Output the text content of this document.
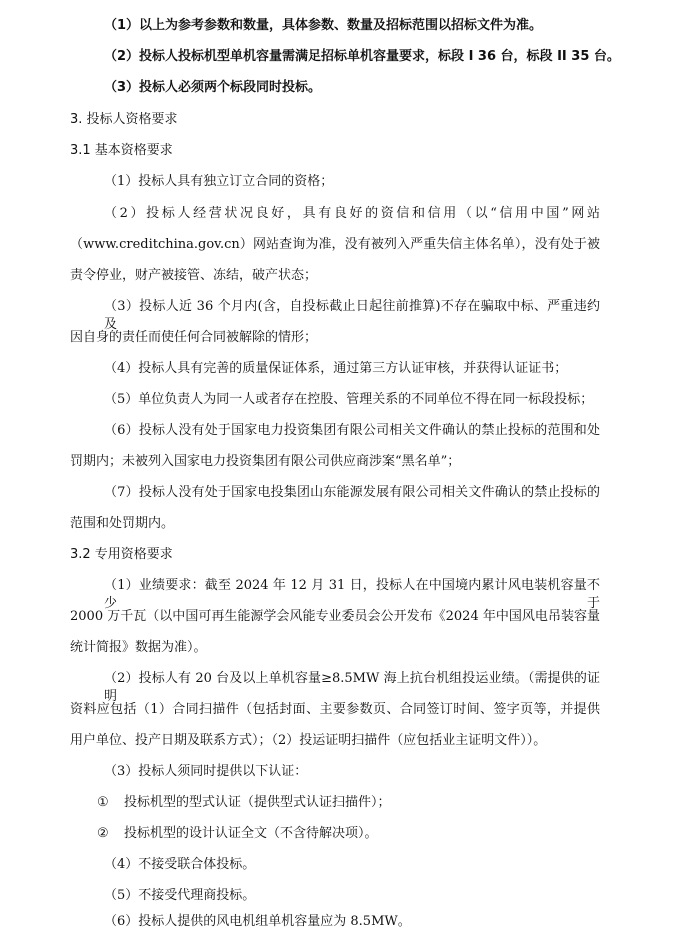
（1）以上为参考参数和数量，具体参数、数量及招标范围以招标文件为准。
（2）投标人投标机型单机容量需满足招标单机容量要求，标段 I 36 台，标段 II 35 台。
（3）投标人必须两个标段同时投标。
3. 投标人资格要求
3.1 基本资格要求
（1）投标人具有独立订立合同的资格；
（2）投标人经营状况良好，具有良好的资信和信用（以“信用中国”网站
（www.creditchina.gov.cn）网站查询为准，没有被列入严重失信主体名单），没有处于被
责令停业，财产被接管、冻结，破产状态；
（3）投标人近 36 个月内(含，自投标截止日起往前推算)不存在骗取中标、严重违约及
因自身的责任而使任何合同被解除的情形；
（4）投标人具有完善的质量保证体系，通过第三方认证审核，并获得认证证书；
（5）单位负责人为同一人或者存在控股、管理关系的不同单位不得在同一标段投标；
（6）投标人没有处于国家电力投资集团有限公司相关文件确认的禁止投标的范围和处
罚期内；未被列入国家电力投资集团有限公司供应商涉案“黑名单”；
（7）投标人没有处于国家电投集团山东能源发展有限公司相关文件确认的禁止投标的
范围和处罚期内。
3.2 专用资格要求
（1）业绩要求：截至 2024 年 12 月 31 日，投标人在中国境内累计风电装机容量不少于
2000 万千瓦（以中国可再生能源学会风能专业委员会公开发布《2024 年中国风电吊装容量
统计简报》数据为准）。
（2）投标人有 20 台及以上单机容量≥8.5MW 海上抗台机组投运业绩。（需提供的证明
资料应包括（1）合同扫描件（包括封面、主要参数页、合同签订时间、签字页等，并提供
用户单位、投产日期及联系方式）；（2）投运证明扫描件（应包括业主证明文件））。
（3）投标人须同时提供以下认证：
① 投标机型的型式认证（提供型式认证扫描件）；
② 投标机型的设计认证全文（不含待解决项）。
（4）不接受联合体投标。
（5）不接受代理商投标。
（6）投标人提供的风电机组单机容量应为 8.5MW。
